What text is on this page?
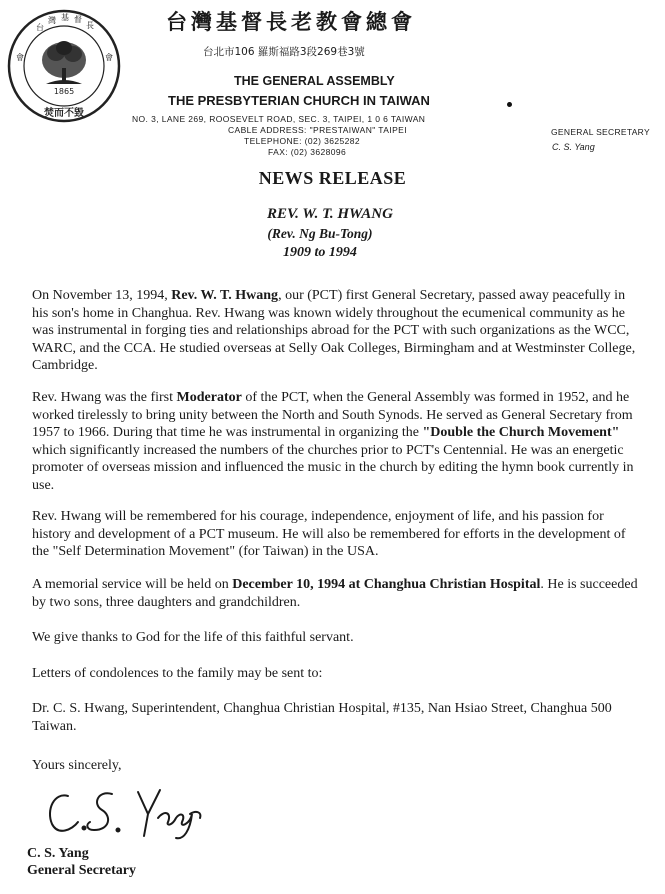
1865
焚而不毀
台
灣 基 督
長
會	會
台灣基督長老教會總會
台北市106 羅斯福路3段269巷3號
THE GENERAL ASSEMBLY
THE PRESBYTERIAN CHURCH IN TAIWAN
NO. 3, LANE 269, ROOSEVELT ROAD, SEC. 3, TAIPEI, 1 0 6 TAIWAN
CABLE ADDRESS: "PRESTAIWAN" TAIPEI
TELEPHONE: (02) 3625282
FAX: (02) 3628096
GENERAL SECRETARY
C. S. Yang
NEWS RELEASE
REV. W. T. HWANG
(Rev. Ng Bu-Tong)
1909 to 1994

On November 13, 1994, Rev. W. T. Hwang, our (PCT) first General Secretary, passed away peacefully in his son's home in Changhua. Rev. Hwang was known widely throughout the ecumenical community as he was instrumental in forging ties and relationships abroad for the PCT with such organizations as the WCC, WARC, and the CCA. He studied overseas at Selly Oak Colleges, Birmingham and at Westminster College, Cambridge.

Rev. Hwang was the first Moderator of the PCT, when the General Assembly was formed in 1952, and he worked tirelessly to bring unity between the North and South Synods. He served as General Secretary from 1957 to 1966. During that time he was instrumental in organizing the "Double the Church Movement" which significantly increased the numbers of the churches prior to PCT's Centennial. He was an energetic promoter of overseas mission and influenced the music in the church by editing the hymn book currently in use.

Rev. Hwang will be remembered for his courage, independence, enjoyment of life, and his passion for history and development of a PCT museum. He will also be remembered for efforts in the development of the "Self Determination Movement" (for Taiwan) in the USA.

A memorial service will be held on December 10, 1994 at Changhua Christian Hospital. He is succeeded by two sons, three daughters and grandchildren.

We give thanks to God for the life of this faithful servant.

Letters of condolences to the family may be sent to:

Dr. C. S. Hwang, Superintendent, Changhua Christian Hospital, #135, Nan Hsiao Street, Changhua 500 Taiwan.

Yours sincerely,

C. S. Yang
General Secretary
